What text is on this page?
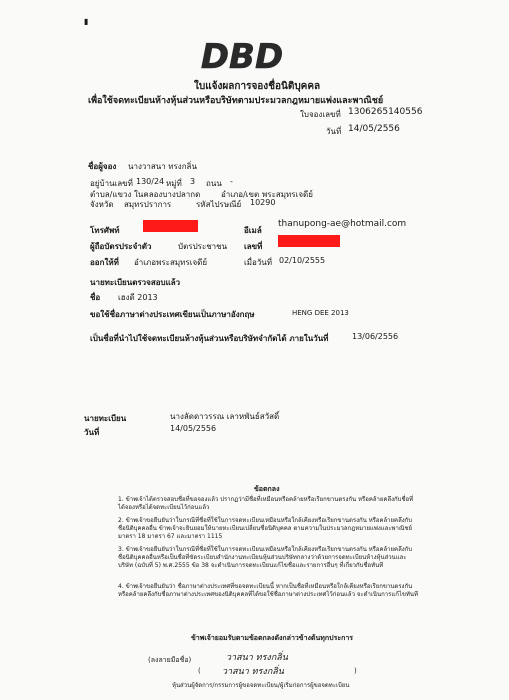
▮
DBD
ใบแจ้งผลการจองชื่อนิติบุคคล
เพื่อใช้จดทะเบียนห้างหุ้นส่วนหรือบริษัทตามประมวลกฎหมายแพ่งและพาณิชย์
ใบจองเลขที่ 1306265140556
วันที่ 14/05/2556
ชื่อผู้จอง นางวาสนา ทรงกลิ่น
อยู่บ้านเลขที่ 130/24 หมู่ที่ 3 ถนน -
ตำบล/แขวง ในคลองบางปลากด	อำเภอ/เขต พระสมุทรเจดีย์
จังหวัด สมุทรปราการ	รหัสไปรษณีย์ 10290
โทรศัพท์	อีเมล์
thanupong-ae@hotmail.com
ผู้ถือบัตรประจำตัว	บัตรประชาชน เลขที่
ออกให้ที่ อำเภอพระสมุทรเจดีย์	เมื่อวันที่ 02/10/2555
นายทะเบียนตรวจสอบแล้ว
ชื่อ เฮงดี 2013
ขอใช้ชื่อภาษาต่างประเทศเขียนเป็นภาษาอังกฤษ	HENG DEE 2013
เป็นชื่อที่นำไปใช้จดทะเบียนห้างหุ้นส่วนหรือบริษัทจำกัดได้ ภายในวันที่	13/06/2556
นายทะเบียน	นางลัดดาวรรณ เลาหพันธ์สวัสดิ์
วันที่	14/05/2556
ข้อตกลง
1. ข้าพเจ้าได้ตรวจสอบชื่อที่ขอจองแล้ว ปรากฏว่ามีชื่อที่เหมือนหรือคล้ายหรือเรียกขานตรงกัน หรือคล้ายคลึงกับชื่อที่ได้จองหรือได้จดทะเบียนไว้ก่อนแล้ว
2. ข้าพเจ้าขอยืนยันว่าในกรณีที่ชื่อที่ใช้ในการจดทะเบียนเหมือนหรือใกล้เคียงหรือเรียกขานตรงกัน หรือคล้ายคลึงกับชื่อนิติบุคคลอื่น ข้าพเจ้าจะยินยอมให้นายทะเบียนเปลี่ยนชื่อนิติบุคคล ตามความในประมวลกฎหมายแพ่งและพาณิชย์ มาตรา 18 มาตรา 67 และมาตรา 1115
3. ข้าพเจ้าขอยืนยันว่าในกรณีที่ชื่อที่ใช้ในการจดทะเบียนเหมือนหรือใกล้เคียงหรือเรียกขานตรงกัน หรือคล้ายคลึงกับชื่อนิติบุคคลอื่นหรือเป็นชื่อที่ขัดระเบียบสำนักงานทะเบียนหุ้นส่วนบริษัทกลางว่าด้วยการจดทะเบียนห้างหุ้นส่วนและบริษัท (ฉบับที่ 5) พ.ศ.2555 ข้อ 38 จะดำเนินการจดทะเบียนแก้ไขชื่อและรายการอื่นๆ ที่เกี่ยวกับชื่อทันที
4. ข้าพเจ้าขอยืนยันว่า ชื่อภาษาต่างประเทศที่ขอจดทะเบียนนี้ หากเป็นชื่อที่เหมือนหรือใกล้เคียงหรือเรียกขานตรงกัน หรือคล้ายคลึงกับชื่อภาษาต่างประเทศของนิติบุคคลที่ได้ขอใช้ชื่อภาษาต่างประเทศไว้ก่อนแล้ว จะดำเนินการแก้ไขทันที
ข้าพเจ้ายอมรับตามข้อตกลงดังกล่าวข้างต้นทุกประการ
(ลงลายมือชื่อ)	วาสนา ทรงกลิ่น
( วาสนา ทรงกลิ่น	)
หุ้นส่วนผู้จัดการ/กรรมการผู้ขอจดทะเบียน/ผู้เริ่มก่อการผู้ขอจดทะเบียน
